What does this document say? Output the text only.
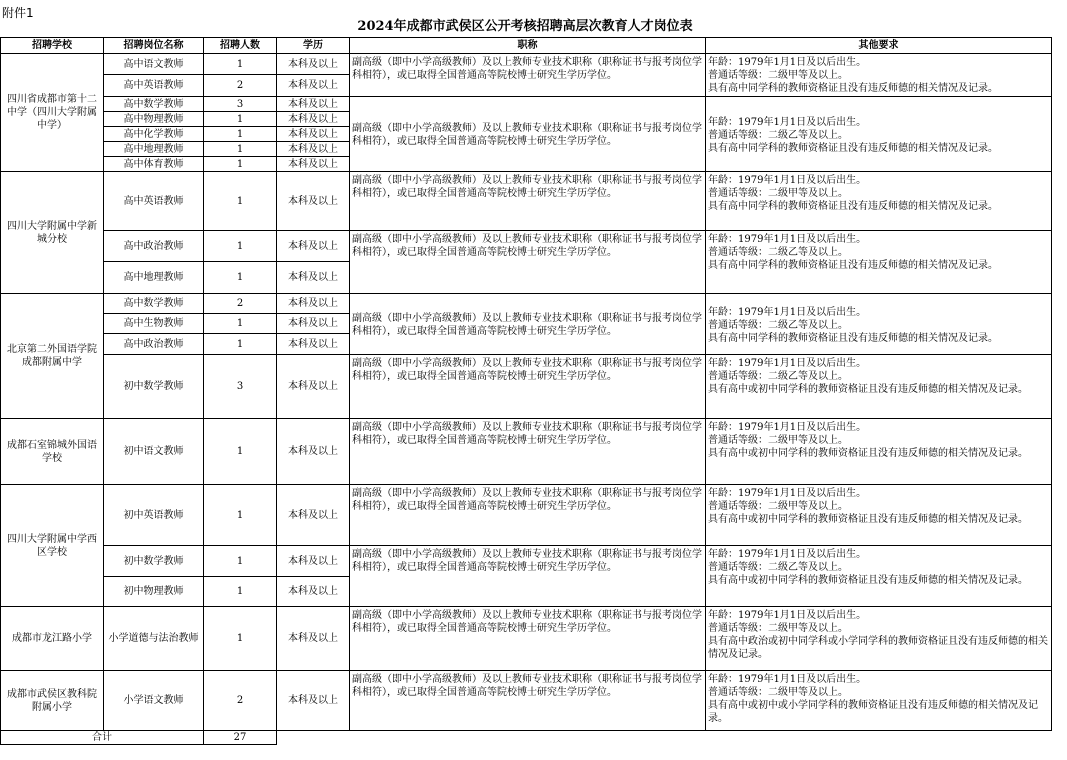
附件1
2024年成都市武侯区公开考核招聘高层次教育人才岗位表
招聘学校	招聘岗位名称	招聘人数	学历	职称	其他要求
四川省成都市第十二中学（四川大学附属中学）	高中语文教师	1	本科及以上	副高级（即中小学高级教师）及以上教师专业技术职称（职称证书与报考岗位学科相符），或已取得全国普通高等院校博士研究生学历学位。	年龄：1979年1月1日及以后出生。
普通话等级：二级甲等及以上。
具有高中同学科的教师资格证且没有违反师德的相关情况及记录。

	高中英语教师	2	本科及以上		
	高中数学教师	3	本科及以上	副高级（即中小学高级教师）及以上教师专业技术职称（职称证书与报考岗位学科相符），或已取得全国普通高等院校博士研究生学历学位。	年龄：1979年1月1日及以后出生。
普通话等级：二级乙等及以上。
具有高中同学科的教师资格证且没有违反师德的相关情况及记录。

	高中物理教师	1	本科及以上		
	高中化学教师	1	本科及以上		
	高中地理教师	1	本科及以上		
	高中体育教师	1	本科及以上		
四川大学附属中学新城分校	高中英语教师	1	本科及以上	副高级（即中小学高级教师）及以上教师专业技术职称（职称证书与报考岗位学科相符），或已取得全国普通高等院校博士研究生学历学位。	年龄：1979年1月1日及以后出生。
普通话等级：二级甲等及以上。
具有高中同学科的教师资格证且没有违反师德的相关情况及记录。

	高中政治教师	1	本科及以上	副高级（即中小学高级教师）及以上教师专业技术职称（职称证书与报考岗位学科相符），或已取得全国普通高等院校博士研究生学历学位。	年龄：1979年1月1日及以后出生。
普通话等级：二级乙等及以上。
具有高中同学科的教师资格证且没有违反师德的相关情况及记录。

	高中地理教师	1	本科及以上		
北京第二外国语学院成都附属中学	高中数学教师	2	本科及以上	副高级（即中小学高级教师）及以上教师专业技术职称（职称证书与报考岗位学科相符），或已取得全国普通高等院校博士研究生学历学位。	年龄：1979年1月1日及以后出生。
普通话等级：二级乙等及以上。
具有高中同学科的教师资格证且没有违反师德的相关情况及记录。

	高中生物教师	1	本科及以上		
	高中政治教师	1	本科及以上		
	初中数学教师	3	本科及以上	副高级（即中小学高级教师）及以上教师专业技术职称（职称证书与报考岗位学科相符），或已取得全国普通高等院校博士研究生学历学位。	年龄：1979年1月1日及以后出生。
普通话等级：二级乙等及以上。
具有高中或初中同学科的教师资格证且没有违反师德的相关情况及记录。

成都石室锦城外国语学校	初中语文教师	1	本科及以上	副高级（即中小学高级教师）及以上教师专业技术职称（职称证书与报考岗位学科相符），或已取得全国普通高等院校博士研究生学历学位。	年龄：1979年1月1日及以后出生。
普通话等级：二级甲等及以上。
具有高中或初中同学科的教师资格证且没有违反师德的相关情况及记录。

四川大学附属中学西区学校	初中英语教师	1	本科及以上	副高级（即中小学高级教师）及以上教师专业技术职称（职称证书与报考岗位学科相符），或已取得全国普通高等院校博士研究生学历学位。	年龄：1979年1月1日及以后出生。
普通话等级：二级甲等及以上。
具有高中或初中同学科的教师资格证且没有违反师德的相关情况及记录。

	初中数学教师	1	本科及以上	副高级（即中小学高级教师）及以上教师专业技术职称（职称证书与报考岗位学科相符），或已取得全国普通高等院校博士研究生学历学位。	年龄：1979年1月1日及以后出生。
普通话等级：二级乙等及以上。
具有高中或初中同学科的教师资格证且没有违反师德的相关情况及记录。

	初中物理教师	1	本科及以上		
成都市龙江路小学	小学道德与法治教师	1	本科及以上	副高级（即中小学高级教师）及以上教师专业技术职称（职称证书与报考岗位学科相符），或已取得全国普通高等院校博士研究生学历学位。	年龄：1979年1月1日及以后出生。
普通话等级：二级甲等及以上。
具有高中政治或初中同学科或小学同学科的教师资格证且没有违反师德的相关情况及记录。

成都市武侯区教科院附属小学	小学语文教师	2	本科及以上	副高级（即中小学高级教师）及以上教师专业技术职称（职称证书与报考岗位学科相符），或已取得全国普通高等院校博士研究生学历学位。	年龄：1979年1月1日及以后出生。
普通话等级：二级甲等及以上。
具有高中或初中或小学同学科的教师资格证且没有违反师德的相关情况及记录。

合计		27			
